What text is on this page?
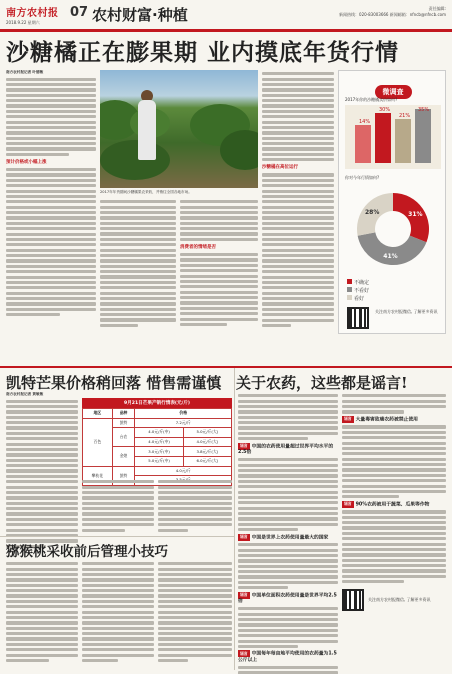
南方农村报 07 农村财富·种植
2018.9.22 星期六
责任编辑:
新闻热线：020-83003666 新闻邮箱：nfncb@nfncb.com
沙糖橘正在膨果期 业内摸底年货行情
南方农村报记者 叶德敏
预计价格或小幅上涨
2017年年货期间沙糖橘果农采收，并销往全国各地市场。
消费者的情绪是否
沙糖橘在高位运行
微调查
2017年你的沙糖橘卖价如何?
14%
30%
21%
35%
你对今年行情如何?
31%
41%
28%
不确定
不看好
看好
关注南方农村报微信, 了解更多资讯
凯特芒果价格稍回落 惜售需谨慎
南方农村报记者 黄敏敏
9月21日芒果产销行情表(元/斤)
地区	品种	价格	
百色	凯特	7.2元/斤	
	台农	4.0元/斤(中)	5.0元/斤(大)
		4.0元/斤(中)	4.0元/斤(大)
	金煌	3.0元/斤(中)	3.8元/斤(大)
		5.0元/斤(中)	6.0元/斤(大)
攀枝花	凯特	4.0元/斤	

猕猴桃采收前后管理小技巧
关于农药，这些都是谣言!
谣言 中国的农药使用量超过世界平均水平的2.5倍
谣言 中国是世界上农药使用量最大的国家
谣言 中国单位面积农药使用量是世界平均2.5倍
谣言 中国每年每亩地平均使用的农药量为1.5公斤以上
谣言 大量毒害致癌农药被禁止使用
谣言 90%农药被用于蔬菜、瓜果等作物
关注南方农村报微信, 了解更多资讯
